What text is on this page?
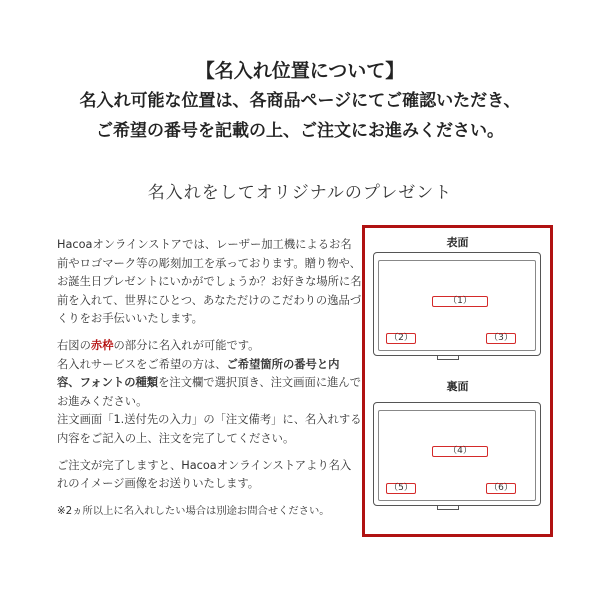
【名入れ位置について】
名入れ可能な位置は、各商品ページにてご確認いただき、
ご希望の番号を記載の上、ご注文にお進みください。
名入れをしてオリジナルのプレゼント

Hacoaオンラインストアでは、レーザー加工機によるお名前やロゴマーク等の彫刻加工を承っております。贈り物や、お誕生日プレゼントにいかがでしょうか？お好きな場所に名前を入れて、世界にひとつ、あなただけのこだわりの逸品づくりをお手伝いいたします。

右図の赤枠の部分に名入れが可能です。
名入れサービスをご希望の方は、ご希望箇所の番号と内容、フォントの種類を注文欄で選択頂き、注文画面に進んでお進みください。
注文画面「1.送付先の入力」の「注文備考」に、名入れする内容をご記入の上、注文を完了してください。

ご注文が完了しますと、Hacoaオンラインストアより名入れのイメージ画像をお送りいたします。

※2ヵ所以上に名入れしたい場合は別途お問合せください。

表面
（1）
（2）	（3）
裏面
（4）
（5）	（6）
